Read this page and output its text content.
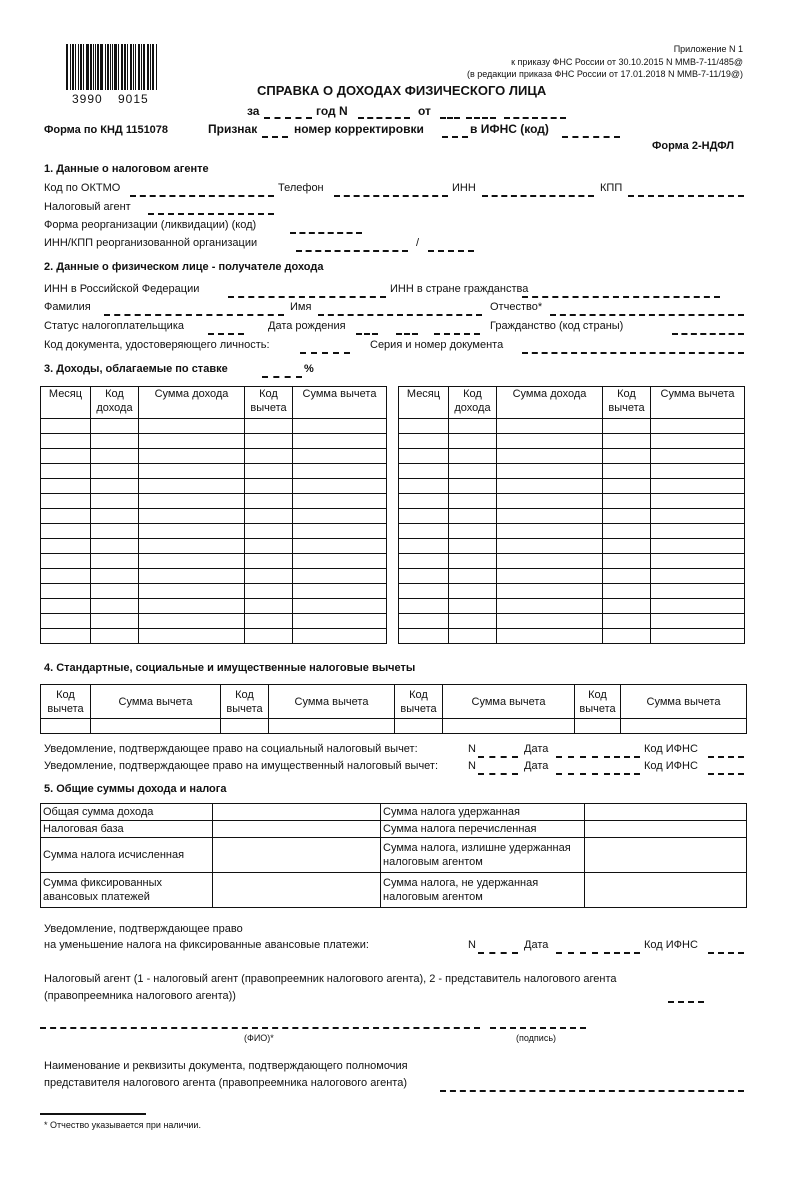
3990 9015
Приложение N 1
к приказу ФНС России от 30.10.2015 N ММВ-7-11/485@
(в редакции приказа ФНС России от 17.01.2018 N ММВ-7-11/19@)
СПРАВКА О ДОХОДАХ ФИЗИЧЕСКОГО ЛИЦА
за	год N	от
Форма по КНД 1151078	Признак	номер корректировки	в ИФНС (код)
Форма 2-НДФЛ
1. Данные о налоговом агенте
Код по ОКТМО	Телефон	ИНН	КПП
Налоговый агент
Форма реорганизации (ликвидации) (код)
ИНН/КПП реорганизованной организации	/
2. Данные о физическом лице - получателе дохода
ИНН в Российской Федерации	ИНН в стране гражданства
Фамилия	Имя	Отчество*
Статус налогоплательщика	Дата рождения	Гражданство (код страны)
Код документа, удостоверяющего личность:	Серия и номер документа
3. Доходы, облагаемые по ставке	%
Месяц	Код дохода	Сумма дохода	Код вычета	Сумма вычета

					Месяц	Код дохода	Сумма дохода	Код вычета	Сумма вычета

4. Стандартные, социальные и имущественные налоговые вычеты
Код вычета	Сумма вычета	Код вычета	Сумма вычета	Код вычета	Сумма вычета	Код вычета	Сумма вычета

Уведомление, подтверждающее право на социальный налоговый вычет:	N	Дата	Код ИФНС
Уведомление, подтверждающее право на имущественный налоговый вычет:	N	Дата	Код ИФНС
5. Общие суммы дохода и налога
Общая сумма дохода		Сумма налога удержанная	
Налоговая база		Сумма налога перечисленная	
Сумма налога исчисленная		Сумма налога, излишне удержанная налоговым агентом	
Сумма фиксированных авансовых платежей		Сумма налога, не удержанная налоговым агентом	
Уведомление, подтверждающее право
на уменьшение налога на фиксированные авансовые платежи:	N	Дата	Код ИФНС
Налоговый агент (1 - налоговый агент (правопреемник налогового агента), 2 - представитель налогового агента
(правопреемника налогового агента))
(ФИО)*	(подпись)
Наименование и реквизиты документа, подтверждающего полномочия
представителя налогового агента (правопреемника налогового агента)
* Отчество указывается при наличии.
